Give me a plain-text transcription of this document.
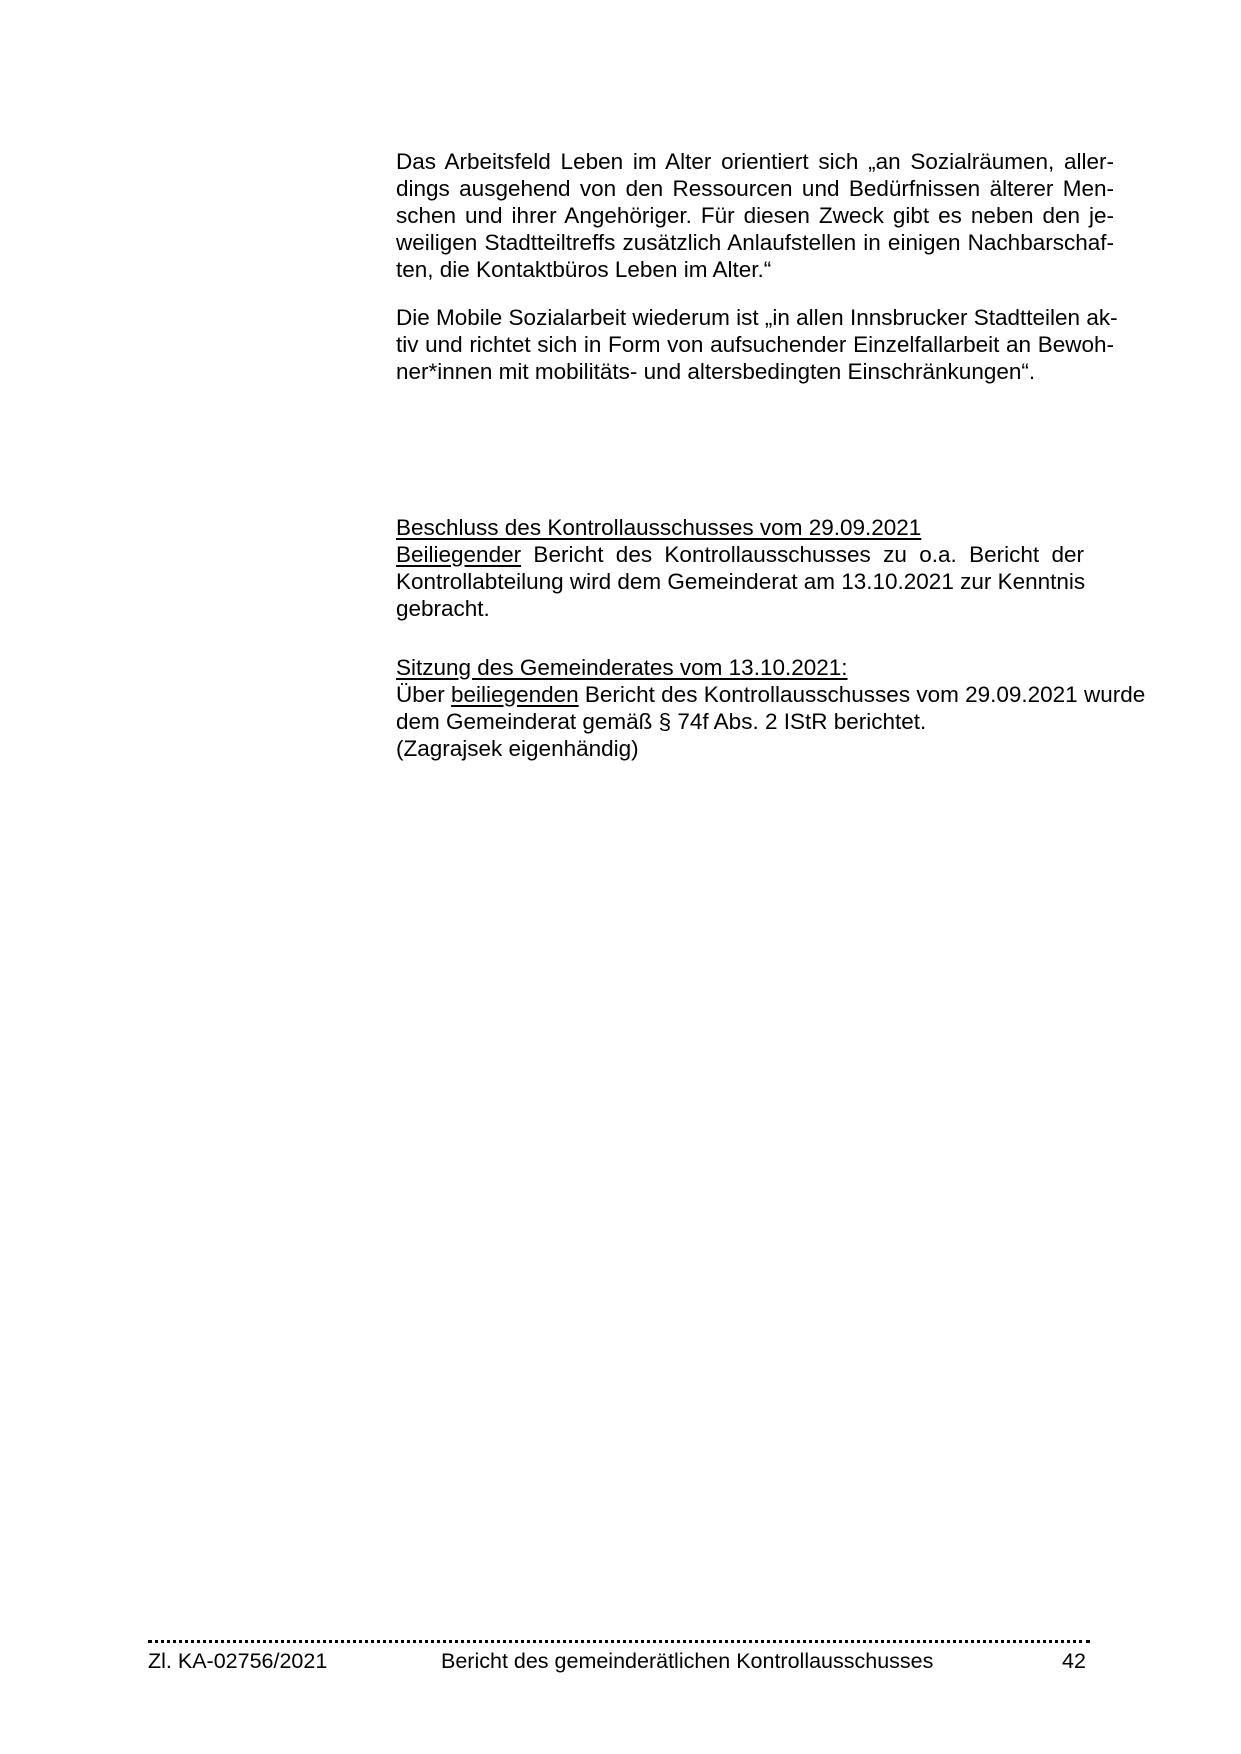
Das Arbeitsfeld Leben im Alter orientiert sich „an Sozialräumen, aller-
dings ausgehend von den Ressourcen und Bedürfnissen älterer Men-
schen und ihrer Angehöriger. Für diesen Zweck gibt es neben den je-
weiligen Stadtteiltreffs zusätzlich Anlaufstellen in einigen Nachbarschaf-
ten, die Kontaktbüros Leben im Alter.“
Die Mobile Sozialarbeit wiederum ist „in allen Innsbrucker Stadtteilen ak-
tiv und richtet sich in Form von aufsuchender Einzelfallarbeit an Bewoh-
ner*innen mit mobilitäts- und altersbedingten Einschränkungen“.
Beschluss des Kontrollausschusses vom 29.09.2021
Beiliegender Bericht des Kontrollausschusses zu o.a. Bericht der
Kontrollabteilung wird dem Gemeinderat am 13.10.2021 zur Kenntnis
gebracht.
Sitzung des Gemeinderates vom 13.10.2021:
Über beiliegenden Bericht des Kontrollausschusses vom 29.09.2021 wurde
dem Gemeinderat gemäß § 74f Abs. 2 IStR berichtet.
(Zagrajsek eigenhändig)
Zl. KA-02756/2021	Bericht des gemeinderätlichen Kontrollausschusses	42
